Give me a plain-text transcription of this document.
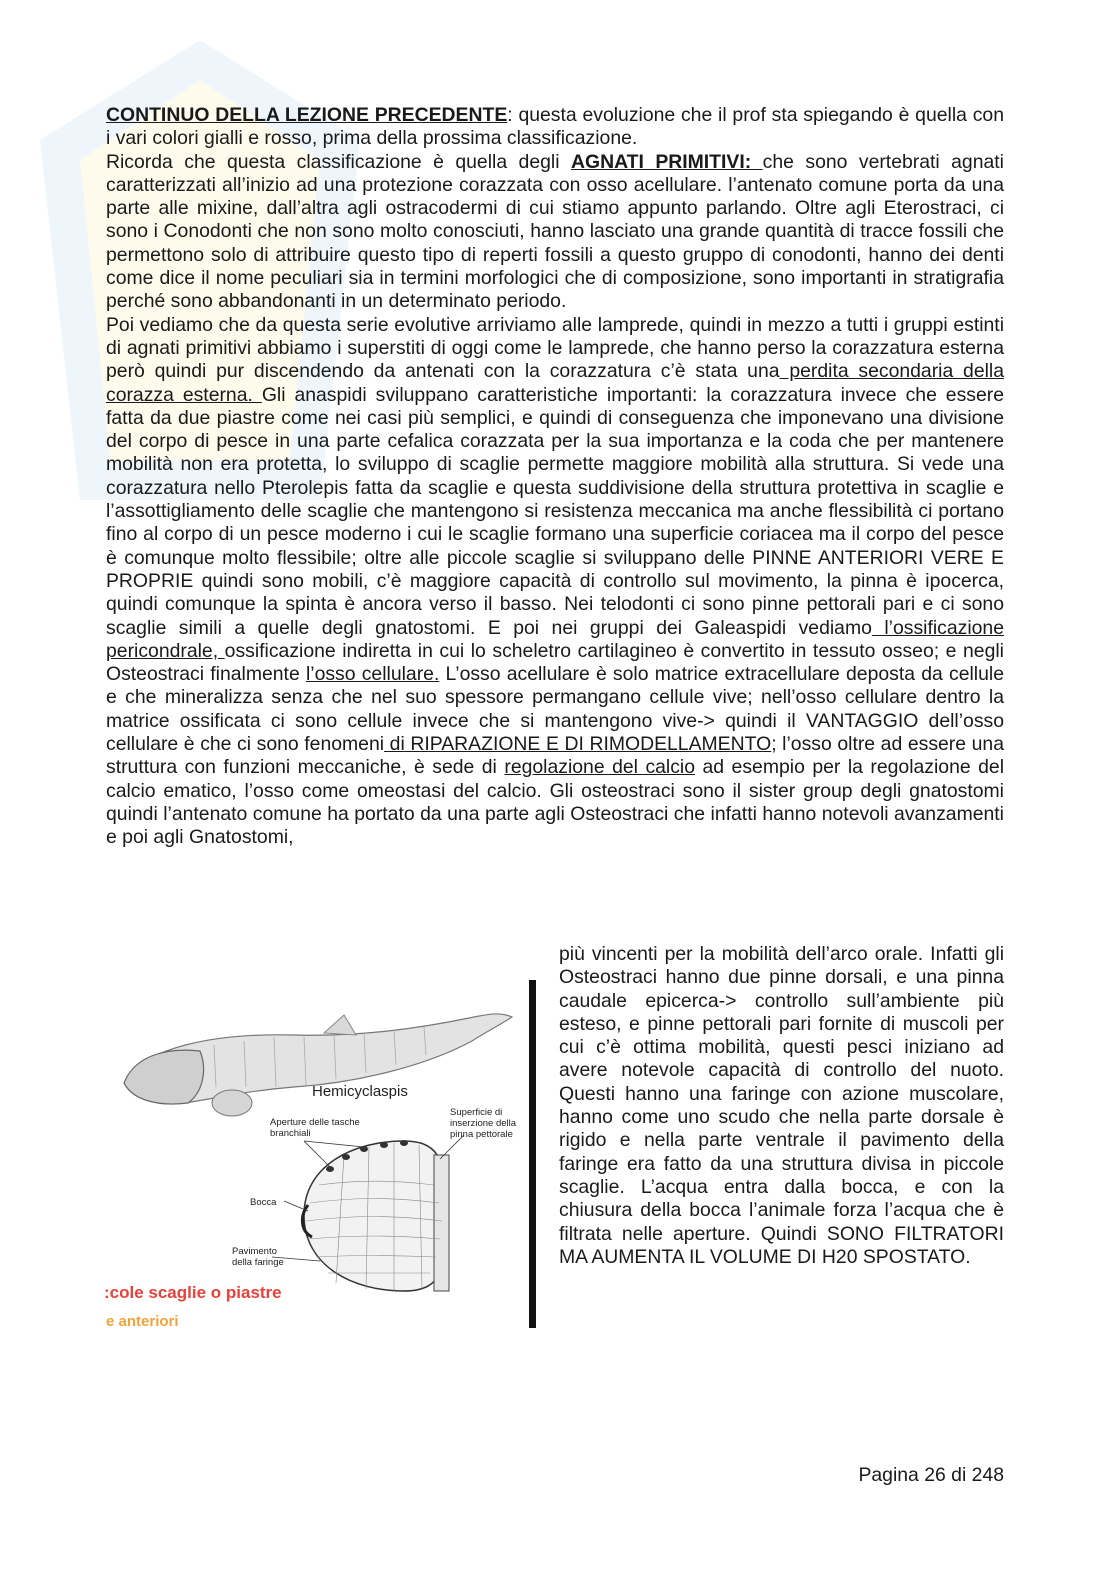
CONTINUO DELLA LEZIONE PRECEDENTE: questa evoluzione che il prof sta spiegando è quella con i vari colori gialli e rosso, prima della prossima classificazione.

Ricorda che questa classificazione è quella degli AGNATI PRIMITIVI: che sono vertebrati agnati caratterizzati all’inizio ad una protezione corazzata con osso acellulare. l’antenato comune porta da una parte alle mixine, dall’altra agli ostracodermi di cui stiamo appunto parlando. Oltre agli Eterostraci, ci sono i Conodonti che non sono molto conosciuti, hanno lasciato una grande quantità di tracce fossili che permettono solo di attribuire questo tipo di reperti fossili a questo gruppo di conodonti, hanno dei denti come dice il nome peculiari sia in termini morfologici che di composizione, sono importanti in stratigrafia perché sono abbandonanti in un determinato periodo.

Poi vediamo che da questa serie evolutive arriviamo alle lamprede, quindi in mezzo a tutti i gruppi estinti di agnati primitivi abbiamo i superstiti di oggi come le lamprede, che hanno perso la corazzatura esterna però quindi pur discendendo da antenati con la corazzatura c’è stata una perdita secondaria della corazza esterna. Gli anaspidi sviluppano caratteristiche importanti: la corazzatura invece che essere fatta da due piastre come nei casi più semplici, e quindi di conseguenza che imponevano una divisione del corpo di pesce in una parte cefalica corazzata per la sua importanza e la coda che per mantenere mobilità non era protetta, lo sviluppo di scaglie permette maggiore mobilità alla struttura. Si vede una corazzatura nello Pterolepis fatta da scaglie e questa suddivisione della struttura protettiva in scaglie e l’assottigliamento delle scaglie che mantengono si resistenza meccanica ma anche flessibilità ci portano fino al corpo di un pesce moderno i cui le scaglie formano una superficie coriacea ma il corpo del pesce è comunque molto flessibile; oltre alle piccole scaglie si sviluppano delle PINNE ANTERIORI VERE E PROPRIE quindi sono mobili, c’è maggiore capacità di controllo sul movimento, la pinna è ipocerca, quindi comunque la spinta è ancora verso il basso. Nei telodonti ci sono pinne pettorali pari e ci sono scaglie simili a quelle degli gnatostomi. E poi nei gruppi dei Galeaspidi vediamo l’ossificazione pericondrale, ossificazione indiretta in cui lo scheletro cartilagineo è convertito in tessuto osseo; e negli Osteostraci finalmente l’osso cellulare. L’osso acellulare è solo matrice extracellulare deposta da cellule e che mineralizza senza che nel suo spessore permangano cellule vive; nell’osso cellulare dentro la matrice ossificata ci sono cellule invece che si mantengono vive-> quindi il VANTAGGIO dell’osso cellulare è che ci sono fenomeni di RIPARAZIONE E DI RIMODELLAMENTO; l’osso oltre ad essere una struttura con funzioni meccaniche, è sede di regolazione del calcio ad esempio per la regolazione del calcio ematico, l’osso come omeostasi del calcio. Gli osteostraci sono il sister group degli gnatostomi quindi l’antenato comune ha portato da una parte agli Osteostraci che infatti hanno notevoli avanzamenti e poi agli Gnatostomi,

Hemicyclaspis
Aperture delle tasche branchiali
Superficie di inserzione della pinna pettorale
Bocca
Pavimento della faringe
:cole scaglie o piastre
e anteriori

più vincenti per la mobilità dell’arco orale. Infatti gli Osteostraci hanno due pinne dorsali, e una pinna caudale epicerca-> controllo sull’ambiente più esteso, e pinne pettorali pari fornite di muscoli per cui c’è ottima mobilità, questi pesci iniziano ad avere notevole capacità di controllo del nuoto. Questi hanno una faringe con azione muscolare, hanno come uno scudo che nella parte dorsale è rigido e nella parte ventrale il pavimento della faringe era fatto da una struttura divisa in piccole scaglie. L’acqua entra dalla bocca, e con la chiusura della bocca l’animale forza l’acqua che è filtrata nelle aperture. Quindi SONO FILTRATORI MA AUMENTA IL VOLUME DI H20 SPOSTATO.

Pagina 26 di 248
